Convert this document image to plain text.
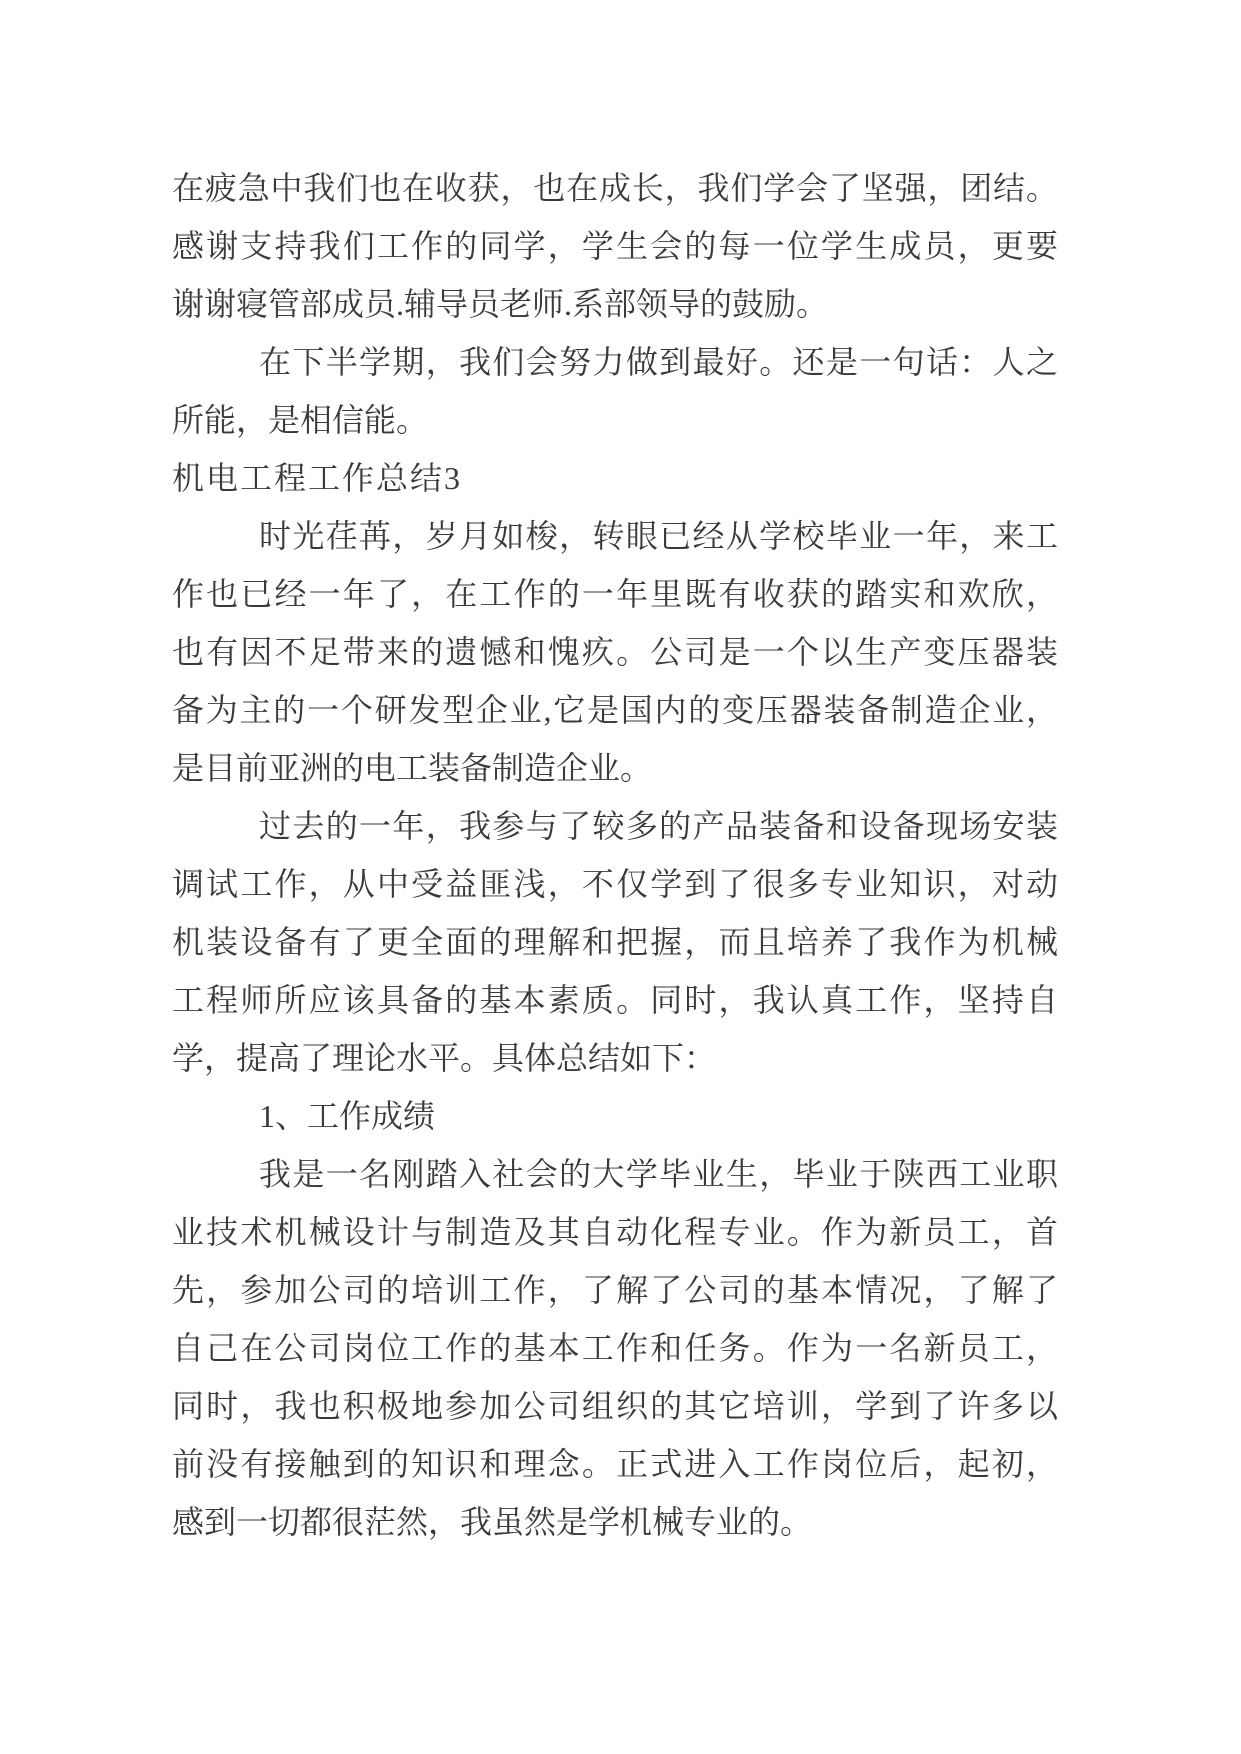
在疲急中我们也在收获，也在成长，我们学会了坚强，团结。
感谢支持我们工作的同学，学生会的每一位学生成员，更要
谢谢寝管部成员.辅导员老师.系部领导的鼓励。
在下半学期，我们会努力做到最好。还是一句话：人之
所能，是相信能。
机电工程工作总结3
时光荏苒，岁月如梭，转眼已经从学校毕业一年，来工
作也已经一年了，在工作的一年里既有收获的踏实和欢欣，
也有因不足带来的遗憾和愧疚。公司是一个以生产变压器装
备为主的一个研发型企业,它是国内的变压器装备制造企业，
是目前亚洲的电工装备制造企业。
过去的一年，我参与了较多的产品装备和设备现场安装
调试工作，从中受益匪浅，不仅学到了很多专业知识，对动
机装设备有了更全面的理解和把握，而且培养了我作为机械
工程师所应该具备的基本素质。同时，我认真工作，坚持自
学，提高了理论水平。具体总结如下：
1、工作成绩
我是一名刚踏入社会的大学毕业生，毕业于陕西工业职
业技术机械设计与制造及其自动化程专业。作为新员工，首
先，参加公司的培训工作，了解了公司的基本情况，了解了
自己在公司岗位工作的基本工作和任务。作为一名新员工，
同时，我也积极地参加公司组织的其它培训，学到了许多以
前没有接触到的知识和理念。正式进入工作岗位后，起初，
感到一切都很茫然，我虽然是学机械专业的。
